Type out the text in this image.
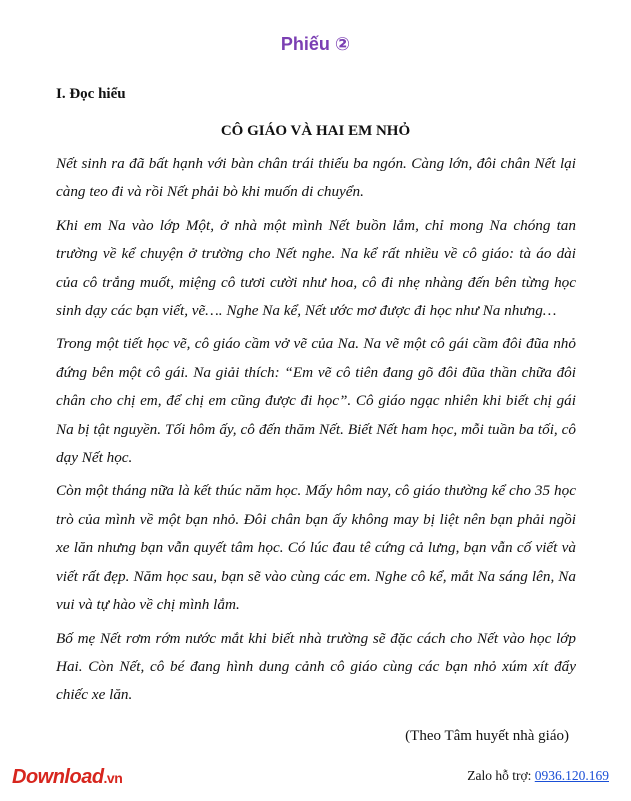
Phiếu ②
I. Đọc hiểu
CÔ GIÁO VÀ HAI EM NHỎ

Nết sinh ra đã bất hạnh với bàn chân trái thiếu ba ngón. Càng lớn, đôi chân Nết lại càng teo đi và rồi Nết phải bò khi muốn di chuyển.

Khi em Na vào lớp Một, ở nhà một mình Nết buồn lắm, chỉ mong Na chóng tan trường về kể chuyện ở trường cho Nết nghe. Na kể rất nhiều về cô giáo: tà áo dài của cô trắng muốt, miệng cô tươi cười như hoa, cô đi nhẹ nhàng đến bên từng học sinh dạy các bạn viết, vẽ…. Nghe Na kể, Nết ước mơ được đi học như Na nhưng…

Trong một tiết học vẽ, cô giáo cầm vở vẽ của Na. Na vẽ một cô gái cầm đôi đũa nhỏ đứng bên một cô gái. Na giải thích: “Em vẽ cô tiên đang gõ đôi đũa thần chữa đôi chân cho chị em, để chị em cũng được đi học”. Cô giáo ngạc nhiên khi biết chị gái Na bị tật nguyền. Tối hôm ấy, cô đến thăm Nết. Biết Nết ham học, mỗi tuần ba tối, cô dạy Nết học.

Còn một tháng nữa là kết thúc năm học. Mấy hôm nay, cô giáo thường kể cho 35 học trò của mình về một bạn nhỏ. Đôi chân bạn ấy không may bị liệt nên bạn phải ngồi xe lăn nhưng bạn vẫn quyết tâm học. Có lúc đau tê cứng cả lưng, bạn vẫn cố viết và viết rất đẹp. Năm học sau, bạn sẽ vào cùng các em. Nghe cô kể, mắt Na sáng lên, Na vui và tự hào về chị mình lắm.

Bố mẹ Nết rơm rớm nước mắt khi biết nhà trường sẽ đặc cách cho Nết vào học lớp Hai. Còn Nết, cô bé đang hình dung cảnh cô giáo cùng các bạn nhỏ xúm xít đẩy chiếc xe lăn.

(Theo Tâm huyết nhà giáo)
Download.vn	Zalo hỗ trợ: 0936.120.169
